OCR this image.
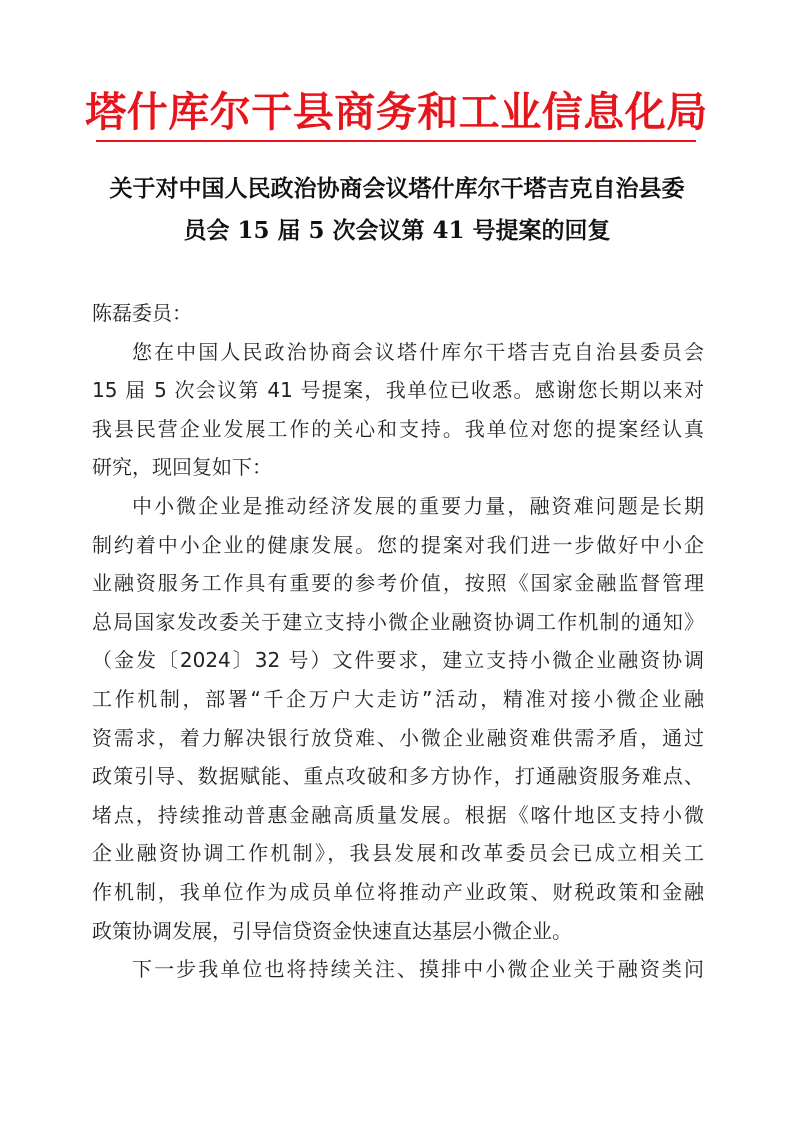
塔什库尔干县商务和工业信息化局
关于对中国人民政治协商会议塔什库尔干塔吉克自治县委
员会 15 届 5 次会议第 41 号提案的回复

陈磊委员：

您在中国人民政治协商会议塔什库尔干塔吉克自治县委员会
15 届 5 次会议第 41 号提案，我单位已收悉。感谢您长期以来对
我县民营企业发展工作的关心和支持。我单位对您的提案经认真
研究，现回复如下：

中小微企业是推动经济发展的重要力量，融资难问题是长期
制约着中小企业的健康发展。您的提案对我们进一步做好中小企
业融资服务工作具有重要的参考价值，按照《国家金融监督管理
总局国家发改委关于建立支持小微企业融资协调工作机制的通知》
（金发〔2024〕32 号）文件要求，建立支持小微企业融资协调
工作机制，部署“千企万户大走访”活动，精准对接小微企业融
资需求，着力解决银行放贷难、小微企业融资难供需矛盾，通过
政策引导、数据赋能、重点攻破和多方协作，打通融资服务难点、
堵点，持续推动普惠金融高质量发展。根据《喀什地区支持小微
企业融资协调工作机制》，我县发展和改革委员会已成立相关工
作机制，我单位作为成员单位将推动产业政策、财税政策和金融
政策协调发展，引导信贷资金快速直达基层小微企业。

下一步我单位也将持续关注、摸排中小微企业关于融资类问
